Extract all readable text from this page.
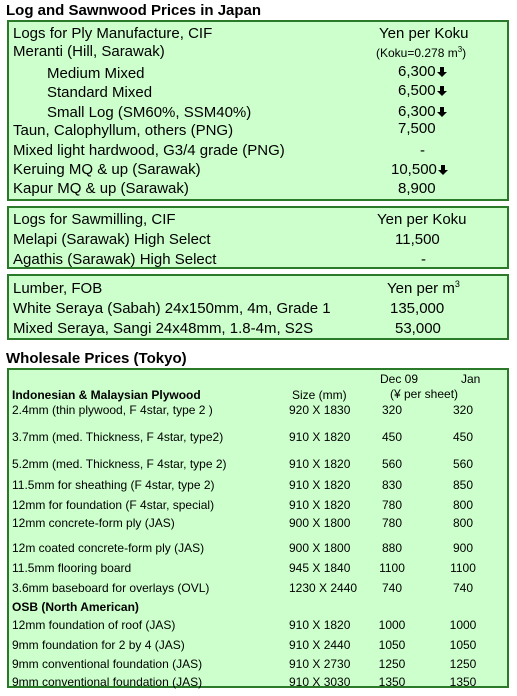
Log and Sawnwood Prices in Japan
Logs for Ply Manufacture, CIF	Yen per Koku
Meranti (Hill, Sarawak)	(Koku=0.278 $m^3$)
Medium Mixed	6,300
Standard Mixed	6,500
Small Log (SM60%, SSM40%)	6,300
Taun, Calophyllum, others (PNG)	7,500
Mixed light hardwood, G3/4 grade (PNG)	-
Keruing MQ & up (Sarawak)	10,500
Kapur MQ & up (Sarawak)	8,900
Logs for Sawmilling, CIF	Yen per Koku
Melapi (Sarawak) High Select	11,500
Agathis (Sarawak) High Select	-
Lumber, FOB	Yen per $m^3$
White Seraya (Sabah) 24x150mm, 4m, Grade 1	135,000
Mixed Seraya, Sangi 24x48mm, 1.8-4m, S2S	53,000
Wholesale Prices (Tokyo)
Dec 09	Jan
Indonesian & Malaysian Plywood	Size (mm)	(¥ per sheet)
2.4mm (thin plywood, F 4star, type 2 )	920 X 1830	320	320
3.7mm (med. Thickness, F 4star, type2)	910 X 1820	450	450
5.2mm (med. Thickness, F 4star, type 2)	910 X 1820	560	560
11.5mm for sheathing (F 4star, type 2)	910 X 1820	830	850
12mm for foundation (F 4star, special)	910 X 1820	780	800
12mm concrete-form ply (JAS)	900 X 1800	780	800
12m coated concrete-form ply (JAS)	900 X 1800	880	900
11.5mm flooring board	945 X 1840	1100	1100
3.6mm baseboard for overlays (OVL)	1230 X 2440	740	740
OSB (North American)
12mm foundation of roof (JAS)	910 X 1820	1000	1000
9mm foundation for 2 by 4 (JAS)	910 X 2440	1050	1050
9mm conventional foundation (JAS)	910 X 2730	1250	1250
9mm conventional foundation (JAS)	910 X 3030	1350	1350
